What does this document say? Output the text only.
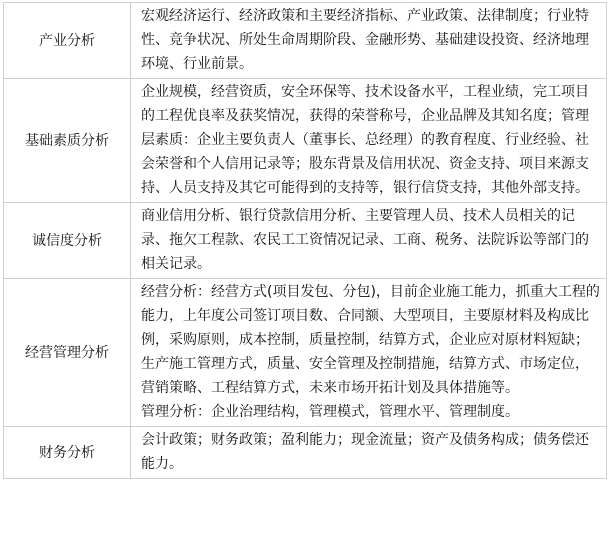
产业分析	宏观经济运行、经济政策和主要经济指标、产业政策、法律制度；行业特性、竞争状况、所处生命周期阶段、金融形势、基础建设投资、经济地理环境、行业前景。

基础素质分析	企业规模，经营资质，安全环保等、技术设备水平，工程业绩，完工项目的工程优良率及获奖情况，获得的荣誉称号，企业品牌及其知名度；管理层素质：企业主要负责人（董事长、总经理）的教育程度、行业经验、社会荣誉和个人信用记录等；股东背景及信用状况、资金支持、项目来源支持、人员支持及其它可能得到的支持等，银行信贷支持，其他外部支持。

诚信度分析	商业信用分析、银行贷款信用分析、主要管理人员、技术人员相关的记录、拖欠工程款、农民工工资情况记录、工商、税务、法院诉讼等部门的相关记录。

经营管理分析	经营分析：经营方式(项目发包、分包)，目前企业施工能力，抓重大工程的能力，上年度公司签订项目数、合同额、大型项目，主要原材料及构成比例，采购原则，成本控制，质量控制，结算方式，企业应对原材料短缺；生产施工管理方式，质量、安全管理及控制措施，结算方式、市场定位，营销策略、工程结算方式，未来市场开拓计划及具体措施等。

管理分析：企业治理结构，管理模式，管理水平、管理制度。

财务分析	会计政策；财务政策；盈利能力；现金流量；资产及债务构成；债务偿还能力。
